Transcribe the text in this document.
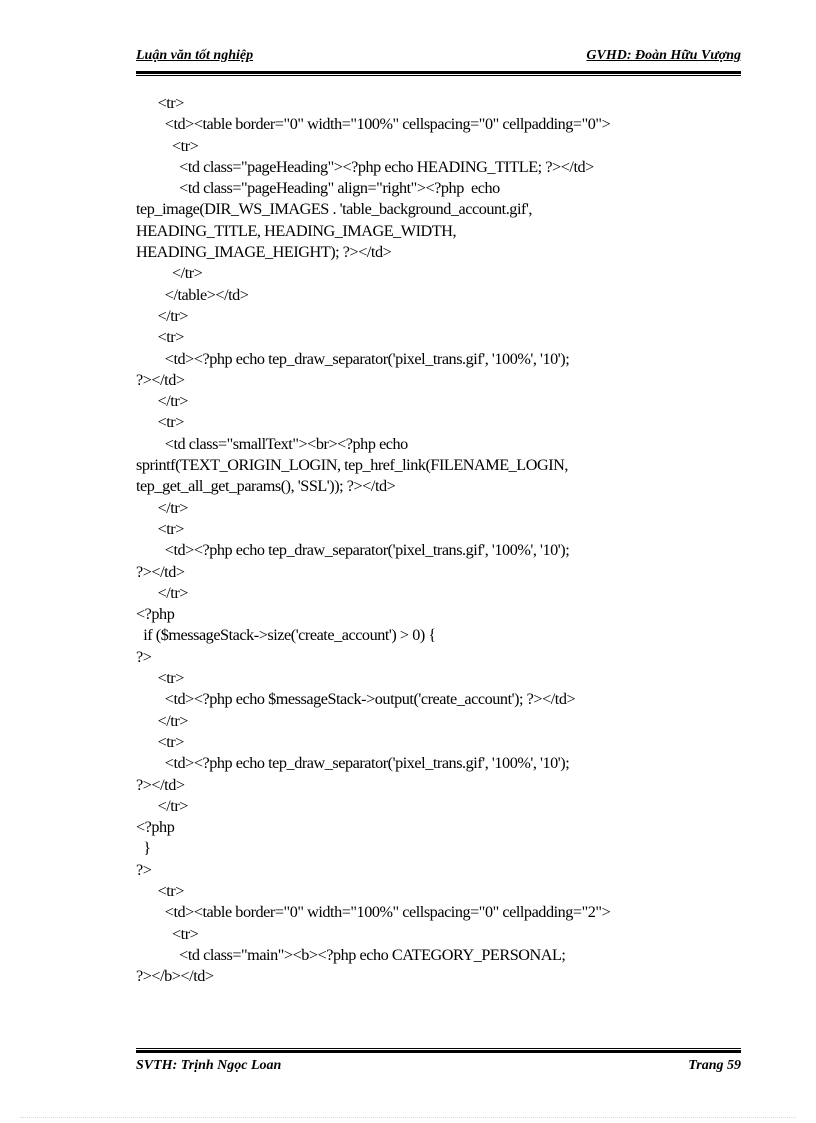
Luận văn tốt nghiệp	GVHD: Đoàn Hữu Vượng
<tr>
<td><table border="0" width="100%" cellspacing="0" cellpadding="0">
<tr>
<td class="pageHeading"><?php echo HEADING_TITLE; ?></td>
<td class="pageHeading" align="right"><?php  echo
tep_image(DIR_WS_IMAGES . 'table_background_account.gif',
HEADING_TITLE, HEADING_IMAGE_WIDTH,
HEADING_IMAGE_HEIGHT); ?></td>
</tr>
</table></td>
</tr>
<tr>
<td><?php echo tep_draw_separator('pixel_trans.gif', '100%', '10');
?></td>
</tr>
<tr>
<td class="smallText"><br><?php echo
sprintf(TEXT_ORIGIN_LOGIN, tep_href_link(FILENAME_LOGIN,
tep_get_all_get_params(), 'SSL')); ?></td>
</tr>
<tr>
<td><?php echo tep_draw_separator('pixel_trans.gif', '100%', '10');
?></td>
</tr>
<?php
if ($messageStack->size('create_account') > 0) {
?>
<tr>
<td><?php echo $messageStack->output('create_account'); ?></td>
</tr>
<tr>
<td><?php echo tep_draw_separator('pixel_trans.gif', '100%', '10');
?></td>
</tr>
<?php
}
?>
<tr>
<td><table border="0" width="100%" cellspacing="0" cellpadding="2">
<tr>
<td class="main"><b><?php echo CATEGORY_PERSONAL;
?></b></td>
SVTH: Trịnh Ngọc Loan	Trang 59
